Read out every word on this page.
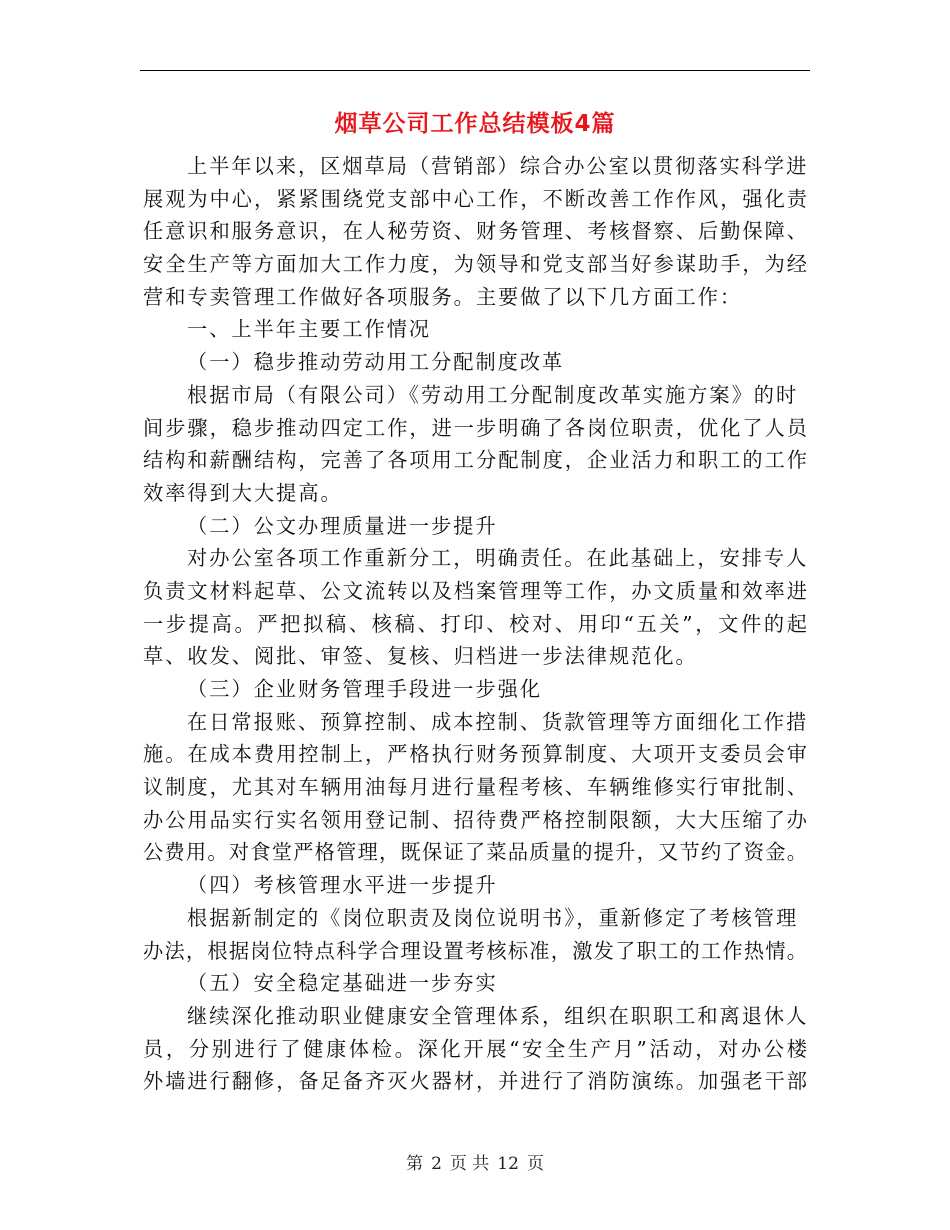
烟草公司工作总结模板4篇
上半年以来，区烟草局（营销部）综合办公室以贯彻落实科学进
展观为中心，紧紧围绕党支部中心工作，不断改善工作作风，强化责
任意识和服务意识，在人秘劳资、财务管理、考核督察、后勤保障、
安全生产等方面加大工作力度，为领导和党支部当好参谋助手，为经
营和专卖管理工作做好各项服务。主要做了以下几方面工作：
一、上半年主要工作情况
（一）稳步推动劳动用工分配制度改革
根据市局（有限公司）《劳动用工分配制度改革实施方案》的时
间步骤，稳步推动四定工作，进一步明确了各岗位职责，优化了人员
结构和薪酬结构，完善了各项用工分配制度，企业活力和职工的工作
效率得到大大提高。
（二）公文办理质量进一步提升
对办公室各项工作重新分工，明确责任。在此基础上，安排专人
负责文材料起草、公文流转以及档案管理等工作，办文质量和效率进
一步提高。严把拟稿、核稿、打印、校对、用印“五关”，文件的起
草、收发、阅批、审签、复核、归档进一步法律规范化。
（三）企业财务管理手段进一步强化
在日常报账、预算控制、成本控制、货款管理等方面细化工作措
施。在成本费用控制上，严格执行财务预算制度、大项开支委员会审
议制度，尤其对车辆用油每月进行量程考核、车辆维修实行审批制、
办公用品实行实名领用登记制、招待费严格控制限额，大大压缩了办
公费用。对食堂严格管理，既保证了菜品质量的提升，又节约了资金。
（四）考核管理水平进一步提升
根据新制定的《岗位职责及岗位说明书》，重新修定了考核管理
办法，根据岗位特点科学合理设置考核标准，激发了职工的工作热情。
（五）安全稳定基础进一步夯实
继续深化推动职业健康安全管理体系，组织在职职工和离退休人
员，分别进行了健康体检。深化开展“安全生产月”活动，对办公楼
外墙进行翻修，备足备齐灭火器材，并进行了消防演练。加强老干部
第 2 页 共 12 页
